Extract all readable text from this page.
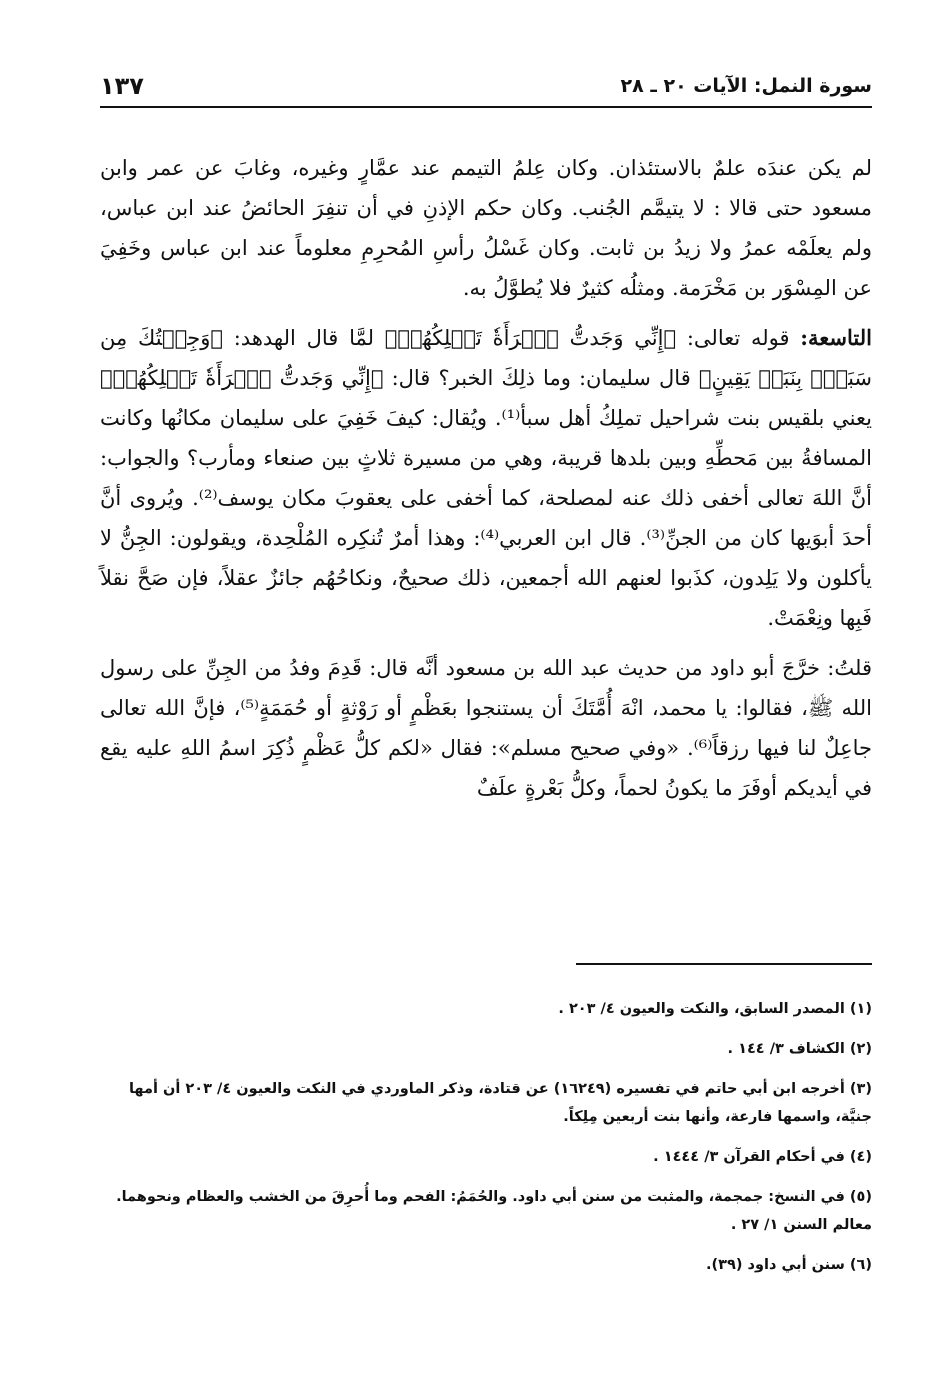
سورة النمل: الآيات ٢٠ ـ ٢٨
١٣٧

لم يكن عندَه علمٌ بالاستئذان. وكان عِلمُ التيمم عند عمَّارٍ وغيره، وغابَ عن عمر وابن مسعود حتى قالا : لا يتيمَّم الجُنب. وكان حكم الإذنِ في أن تنفِرَ الحائضُ عند ابن عباس، ولم يعلَمْه عمرُ ولا زيدُ بن ثابت. وكان غَسْلُ رأسِ المُحرِمِ معلوماً عند ابن عباس وخَفِيَ عن المِسْوَر بن مَخْرَمة. ومثلُه كثيرٌ فلا يُطوَّلُ به.

التاسعة: قوله تعالى: ﴿إِنِّي وَجَدتُّ ٱمۡرَأَةٗ تَمۡلِكُهُمۡ﴾ لمَّا قال الهدهد: ﴿وَجِئۡتُكَ مِن سَبَإِۭ بِنَبَإٖ يَقِينٍ﴾ قال سليمان: وما ذلِكَ الخبر؟ قال: ﴿إِنِّي وَجَدتُّ ٱمۡرَأَةٗ تَمۡلِكُهُمۡ﴾ يعني بلقيس بنت شراحيل تملِكُ أهل سبأ⁽¹⁾. ويُقال: كيفَ خَفِيَ على سليمان مكانُها وكانت المسافةُ بين مَحطِّهِ وبين بلدها قريبة، وهي من مسيرة ثلاثٍ بين صنعاء ومأرب؟ والجواب: أنَّ اللهَ تعالى أخفى ذلك عنه لمصلحة، كما أخفى على يعقوبَ مكان يوسف⁽²⁾. ويُروى أنَّ أحدَ أبوَيها كان من الجنِّ⁽³⁾. قال ابن العربي⁽⁴⁾: وهذا أمرٌ تُنكِره المُلْحِدة، ويقولون: الجِنُّ لا يأكلون ولا يَلِدون، كذَبوا لعنهم الله أجمعين، ذلك صحيحٌ، ونكاحُهُم جائزٌ عقلاً، فإن صَحَّ نقلاً فَبِها ونِعْمَتْ.

قلتُ: خرَّجَ أبو داود من حديث عبد الله بن مسعود أنَّه قال: قَدِمَ وفدُ من الجِنِّ على رسول الله ﷺ، فقالوا: يا محمد، انْهَ أُمَّتَكَ أن يستنجوا بعَظْمٍ أو رَوْثةٍ أو حُمَمَةٍ⁽⁵⁾، فإنَّ الله تعالى جاعِلٌ لنا فيها رزقاً⁽⁶⁾. «وفي صحيح مسلم»: فقال «لكم كلُّ عَظْمٍ ذُكِرَ اسمُ اللهِ عليه يقع في أيديكم أوفَرَ ما يكونُ لحماً، وكلُّ بَعْرةٍ علَفٌ

(١) المصدر السابق، والنكت والعيون ٤/ ٢٠٣ .
(٢) الكشاف ٣/ ١٤٤ .
(٣) أخرجه ابن أبي حاتم في تفسيره (١٦٢٤٩) عن قتادة، وذكر الماوردي في النكت والعيون ٤/ ٢٠٣ أن أمها جنيَّة، واسمها فارعة، وأنها بنت أربعين مِلِكاً.
(٤) في أحكام القرآن ٣/ ١٤٤٤ .
(٥) في النسخ: جمجمة، والمثبت من سنن أبي داود. والحُمَمُ: الفحم وما أُحرِقَ من الخشب والعظام ونحوهما. معالم السنن ١/ ٢٧ .
(٦) سنن أبي داود (٣٩).
